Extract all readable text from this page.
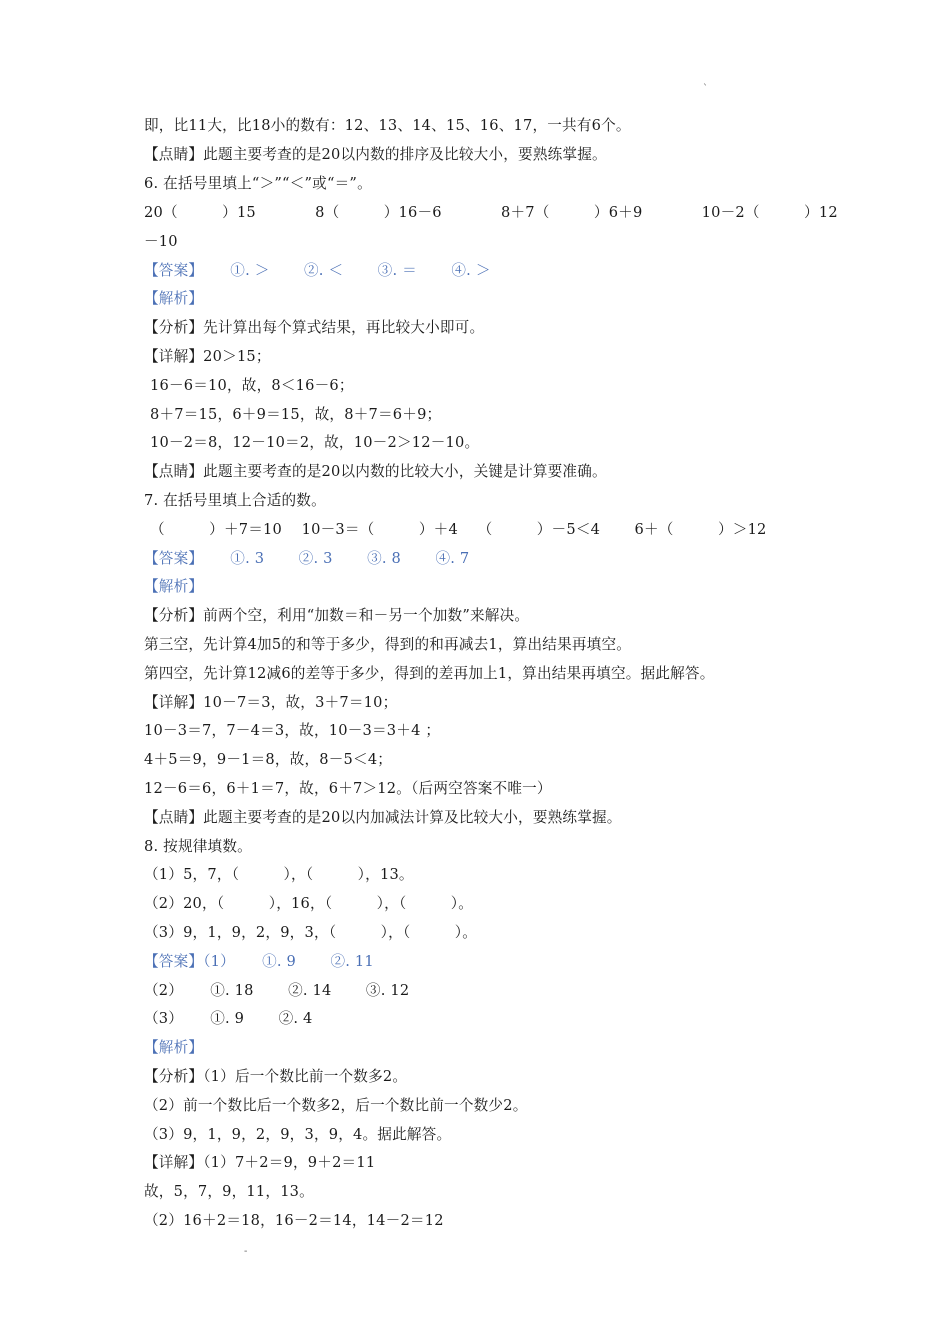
`
即，比11大，比18小的数有：12、13、14、15、16、17，一共有6个。
【点睛】此题主要考查的是20以内数的排序及比较大小，要熟练掌握。
6. 在括号里填上“＞”“＜”或“＝”。
20（　　　）15　　　　8（　　　）16－6　　　　8＋7（　　　）6＋9　　　　10－2（　　　）12
－10
【答案】　　 ①. ＞　　 ②. ＜　　 ③. ＝　　 ④. ＞
【解析】
【分析】先计算出每个算式结果，再比较大小即可。
【详解】20＞15；
16－6＝10，故，8＜16－6；
8＋7＝15，6＋9＝15，故，8＋7＝6＋9；
10－2＝8，12－10＝2，故，10－2＞12－10。
【点睛】此题主要考查的是20以内数的比较大小，关键是计算要准确。
7. 在括号里填上合适的数。
（　　　）＋7＝10　 10－3＝（　　　）＋4　 （　　　）－5＜4　　 6＋（　　　）＞12
【答案】　　 ①. 3　　 ②. 3　　 ③. 8　　 ④. 7
【解析】
【分析】前两个空，利用“加数＝和－另一个加数”来解决。
第三空，先计算4加5的和等于多少，得到的和再减去1，算出结果再填空。
第四空，先计算12减6的差等于多少，得到的差再加上1，算出结果再填空。据此解答。
【详解】10－7＝3，故，3＋7＝10；
10－3＝7，7－4＝3，故，10－3＝3＋4 ；
4＋5＝9，9－1＝8，故，8－5＜4；
12－6＝6，6＋1＝7，故，6＋7＞12。（后两空答案不唯一）
【点睛】此题主要考查的是20以内加减法计算及比较大小，要熟练掌握。
8. 按规律填数。
（1）5，7，（　　　），（　　　），13。
（2）20，（　　　），16，（　　　），（　　　）。
（3）9，1，9，2，9，3，（　　　），（　　　）。
【答案】（1）　　 ①. 9　　 ②. 11
（2）　　 ①. 18　　 ②. 14　　 ③. 12
（3）　　 ①. 9　　 ②. 4
【解析】
【分析】（1）后一个数比前一个数多2。
（2）前一个数比后一个数多2，后一个数比前一个数少2。
（3）9，1，9，2，9，3，9，4。据此解答。
【详解】（1）7＋2＝9，9＋2＝11
故，5，7，9，11，13。
（2）16＋2＝18，16－2＝14，14－2＝12
-
